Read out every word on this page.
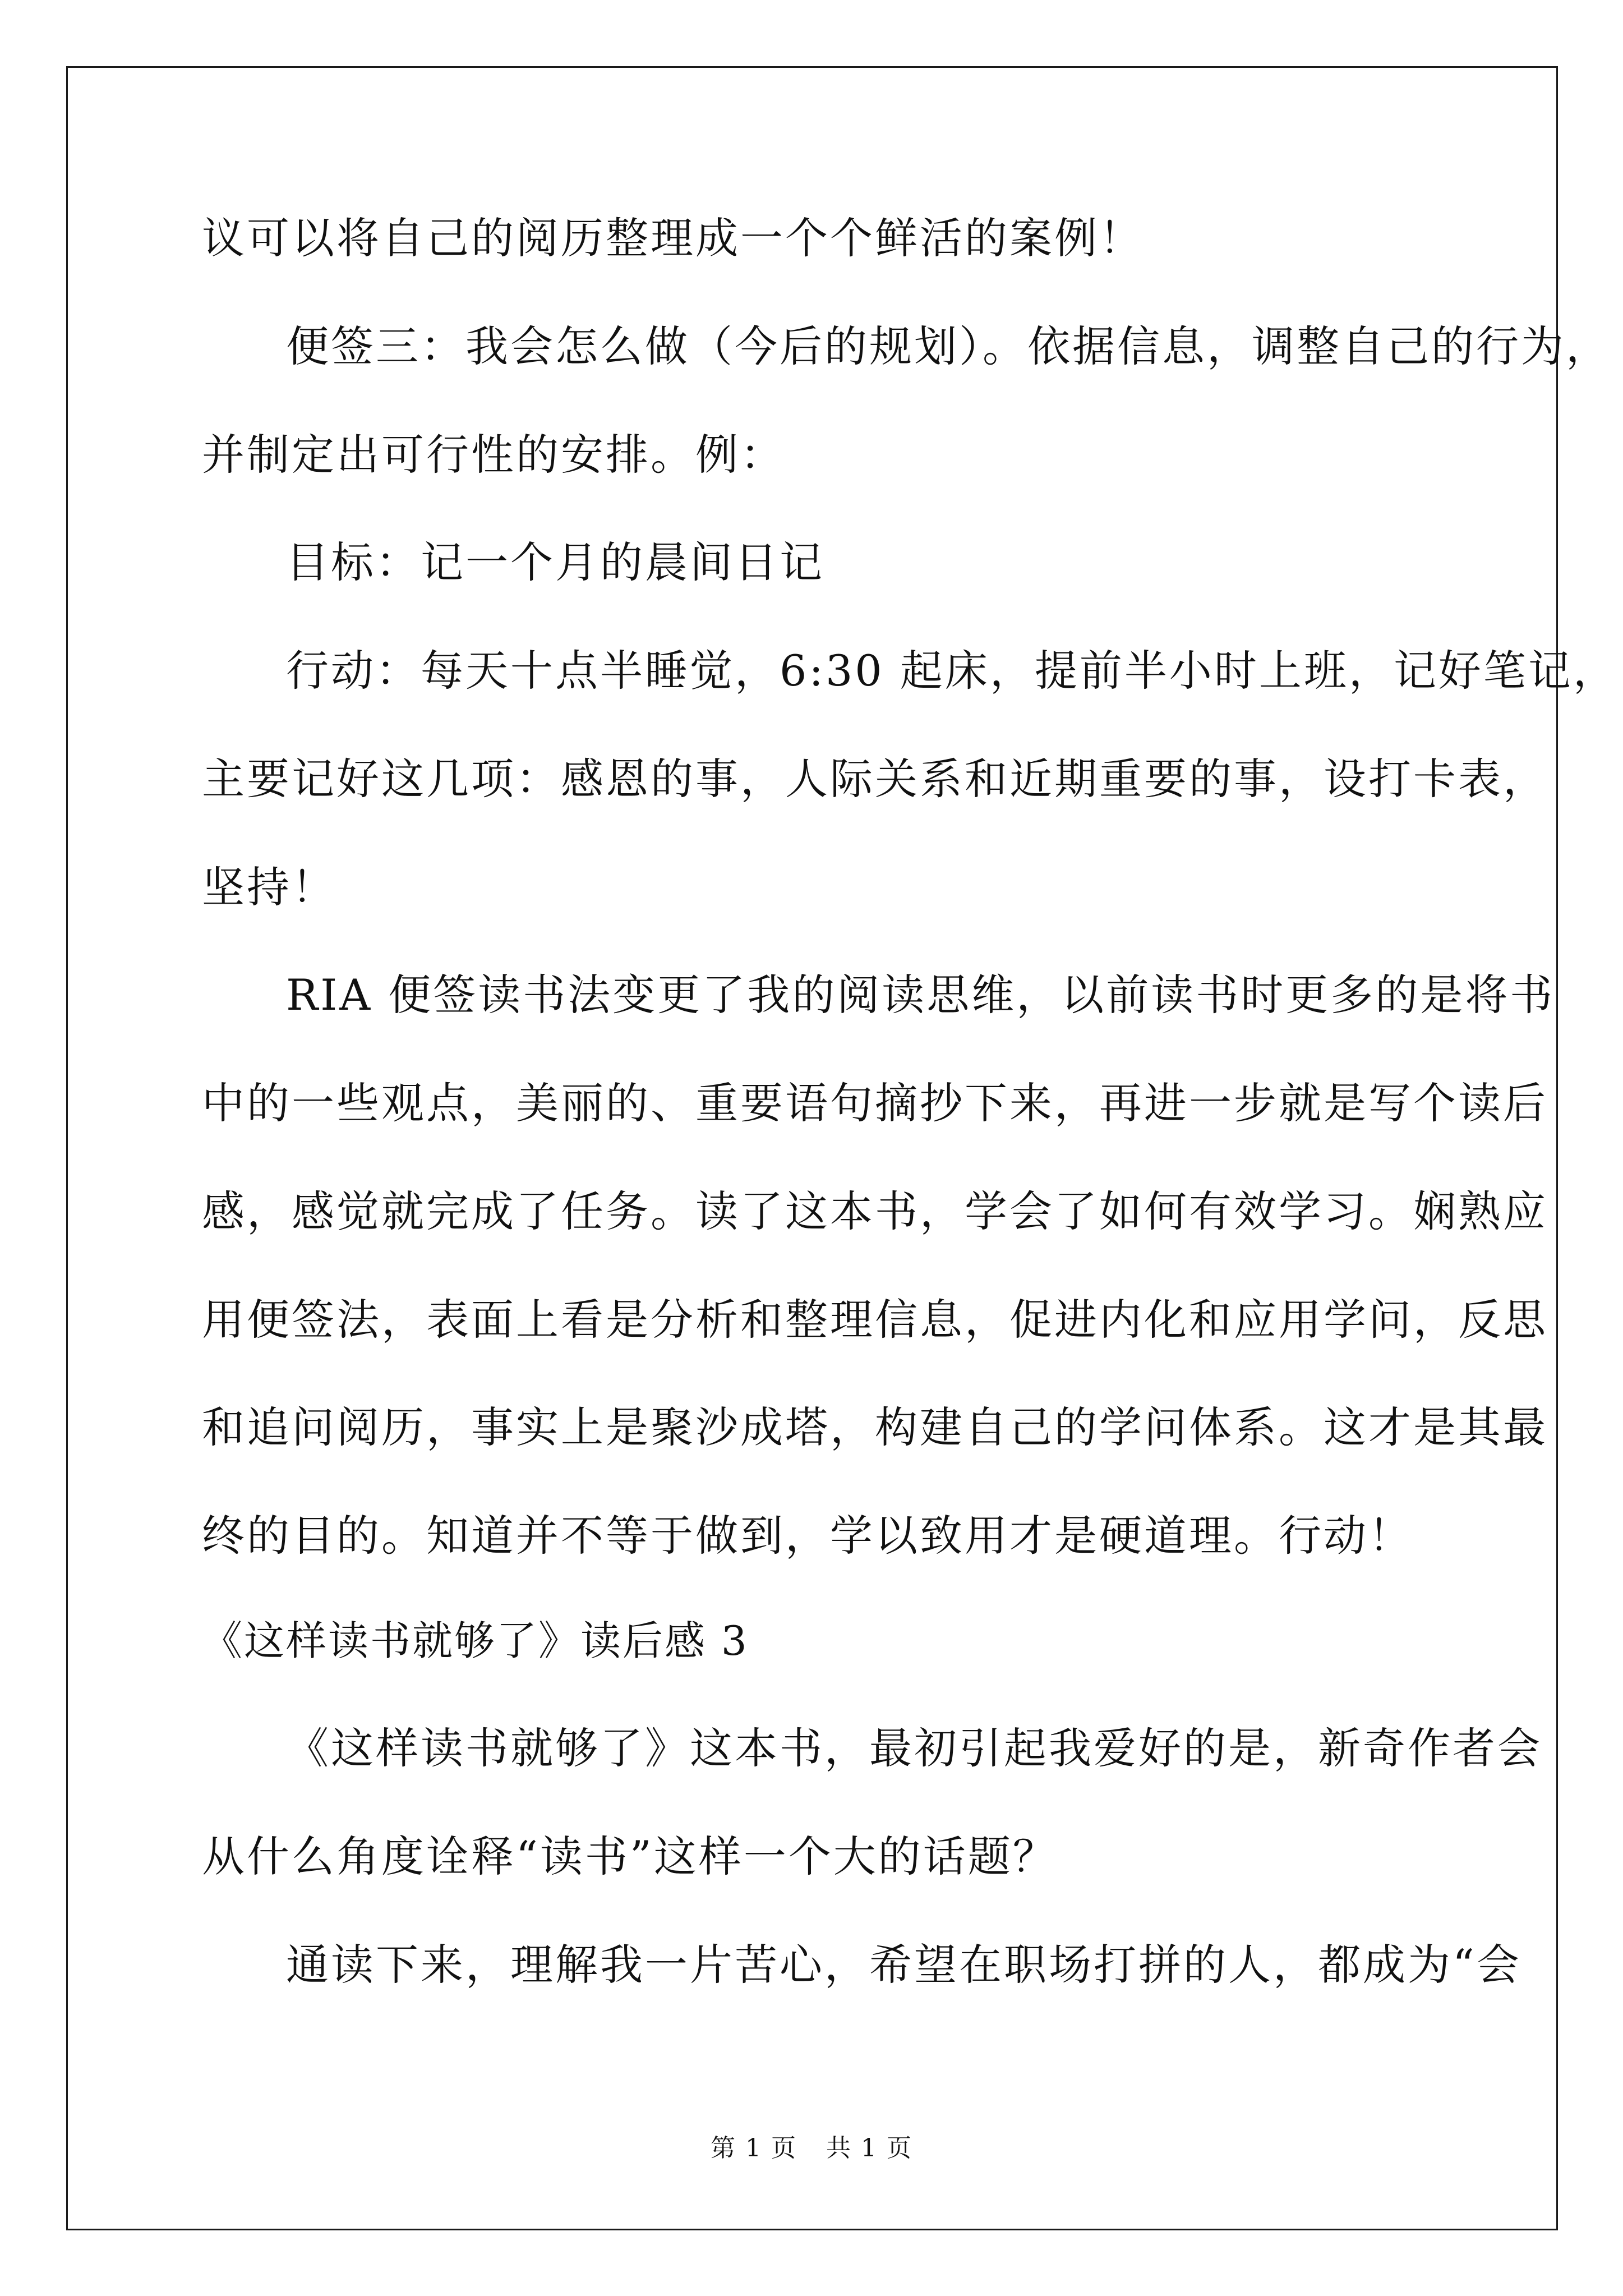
议可以将自己的阅历整理成一个个鲜活的案例！
便签三：我会怎么做（今后的规划）。依据信息，调整自己的行为，
并制定出可行性的安排。例：
目标：记一个月的晨间日记
行动：每天十点半睡觉，6:30 起床，提前半小时上班，记好笔记，
主要记好这几项：感恩的事，人际关系和近期重要的事，设打卡表，
坚持！
RIA 便签读书法变更了我的阅读思维，以前读书时更多的是将书
中的一些观点，美丽的、重要语句摘抄下来，再进一步就是写个读后
感，感觉就完成了任务。读了这本书，学会了如何有效学习。娴熟应
用便签法，表面上看是分析和整理信息，促进内化和应用学问，反思
和追问阅历，事实上是聚沙成塔，构建自己的学问体系。这才是其最
终的目的。知道并不等于做到，学以致用才是硬道理。行动！
《这样读书就够了》读后感 3
《这样读书就够了》这本书，最初引起我爱好的是，新奇作者会
从什么角度诠释“读书”这样一个大的话题？
通读下来，理解我一片苦心，希望在职场打拼的人，都成为“会
第 1 页 共 1 页
